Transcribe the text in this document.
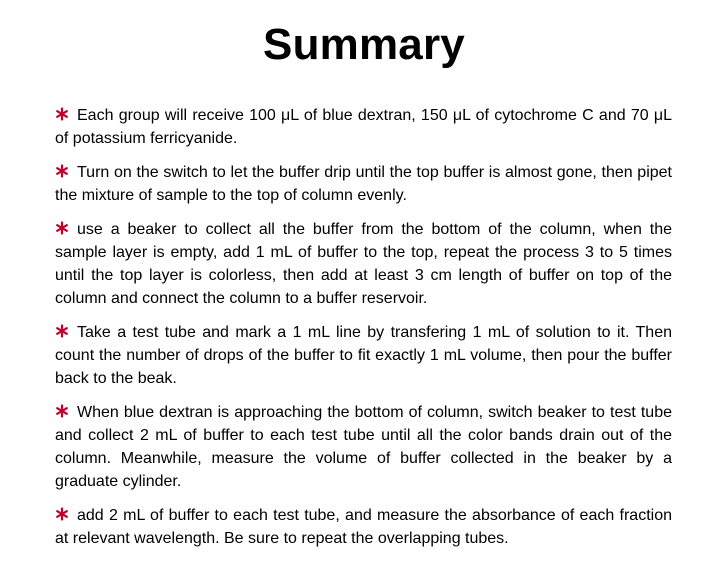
Summary
Each group will receive 100 μL of blue dextran, 150 μL of cytochrome C and 70 μL of potassium ferricyanide.
Turn on the switch to let the buffer drip until the top buffer is almost gone, then pipet the mixture of sample to the top of column evenly.
use a beaker to collect all the buffer from the bottom of the column, when the sample layer is empty, add 1 mL of buffer to the top, repeat the process 3 to 5 times until the top layer is colorless, then add at least 3 cm length of buffer on top of the column and connect the column to a buffer reservoir.
Take a test tube and mark a 1 mL line by transfering 1 mL of solution to it. Then count the number of drops of the buffer to fit exactly 1 mL volume, then pour the buffer back to the beak.
When blue dextran is approaching the bottom of column, switch beaker to test tube and collect 2 mL of buffer to each test tube until all the color bands drain out of the column. Meanwhile, measure the volume of buffer collected in the beaker by a graduate cylinder.
add 2 mL of buffer to each test tube, and measure the absorbance of each fraction at relevant wavelength. Be sure to repeat the overlapping tubes.
